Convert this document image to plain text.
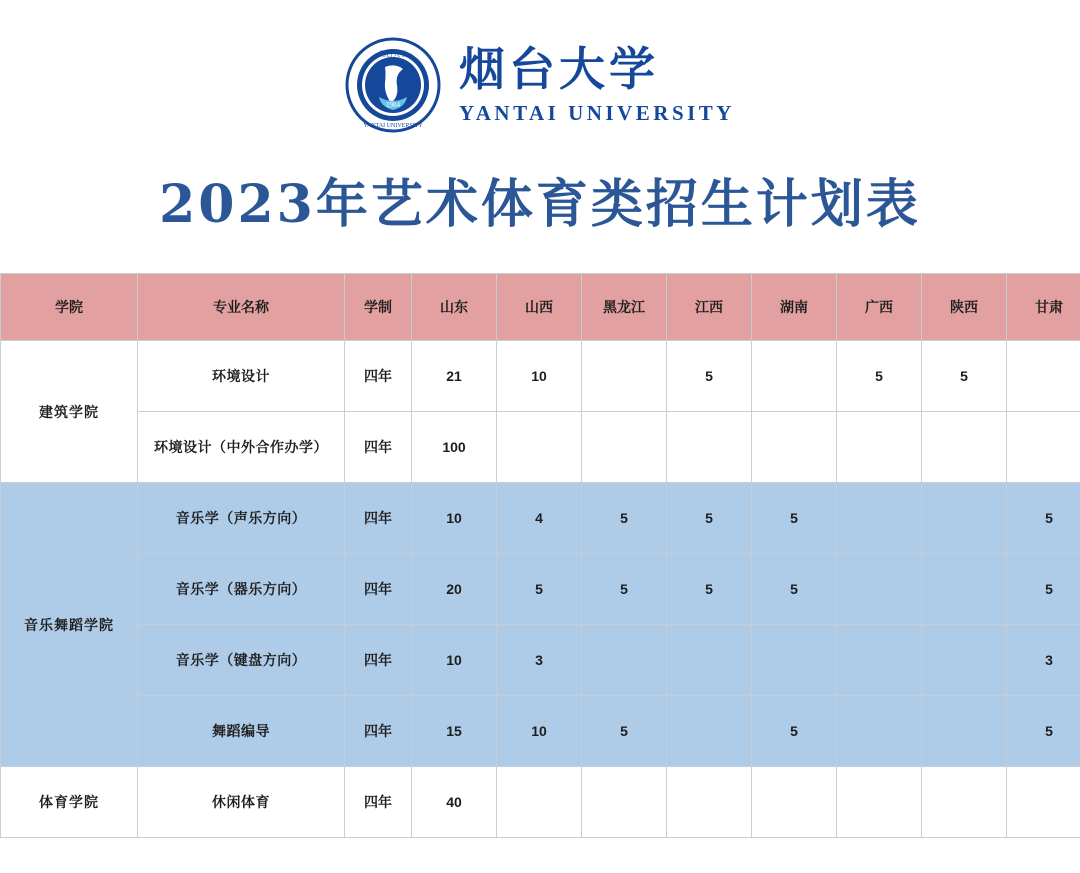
1984
烟台大学
YANTAI UNIVERSITY
烟台大学
YANTAI UNIVERSITY
2023年艺术体育类招生计划表
学院	专业名称	学制	山东	山西	黑龙江	江西	湖南	广西	陕西	甘肃
建筑学院	环境设计	四年	21	10		5		5	5	
	环境设计（中外合作办学）	四年	100							
音乐舞蹈学院	音乐学（声乐方向）	四年	10	4	5	5	5			5
	音乐学（器乐方向）	四年	20	5	5	5	5			5
	音乐学（键盘方向）	四年	10	3						3
	舞蹈编导	四年	15	10	5		5			5
体育学院	休闲体育	四年	40							
